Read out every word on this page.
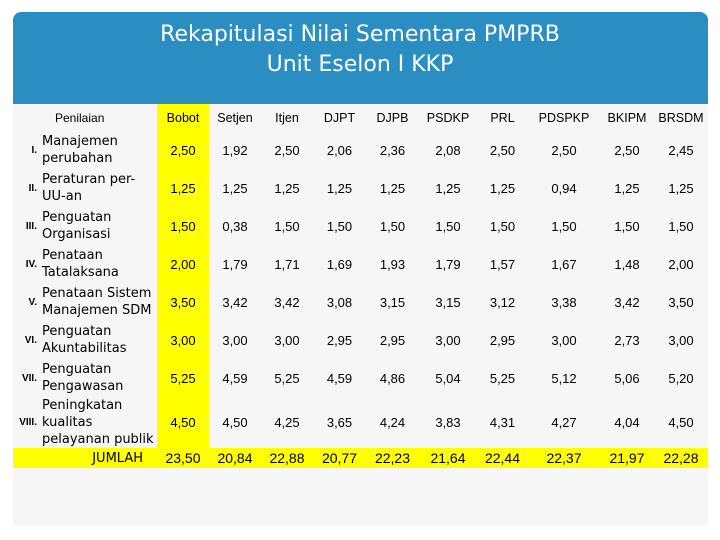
Rekapitulasi Nilai Sementara PMPRB
Unit Eselon I KKP
Penilaian		Bobot	Setjen	Itjen	DJPT	DJPB	PSDKP	PRL	PDSPKP	BKIPM	BRSDM
I.	Manajemen perubahan	2,50	1,92	2,50	2,06	2,36	2,08	2,50	2,50	2,50	2,45
II.	Peraturan per-UU-an	1,25	1,25	1,25	1,25	1,25	1,25	1,25	0,94	1,25	1,25
III.	Penguatan Organisasi	1,50	0,38	1,50	1,50	1,50	1,50	1,50	1,50	1,50	1,50
IV.	Penataan Tatalaksana	2,00	1,79	1,71	1,69	1,93	1,79	1,57	1,67	1,48	2,00
V.	Penataan Sistem Manajemen SDM	3,50	3,42	3,42	3,08	3,15	3,15	3,12	3,38	3,42	3,50
VI.	Penguatan Akuntabilitas	3,00	3,00	3,00	2,95	2,95	3,00	2,95	3,00	2,73	3,00
VII.	Penguatan Pengawasan	5,25	4,59	5,25	4,59	4,86	5,04	5,25	5,12	5,06	5,20
VIII.	Peningkatan kualitas pelayanan publik	4,50	4,50	4,25	3,65	4,24	3,83	4,31	4,27	4,04	4,50
JUMLAH		23,50	20,84	22,88	20,77	22,23	21,64	22,44	22,37	21,97	22,28
